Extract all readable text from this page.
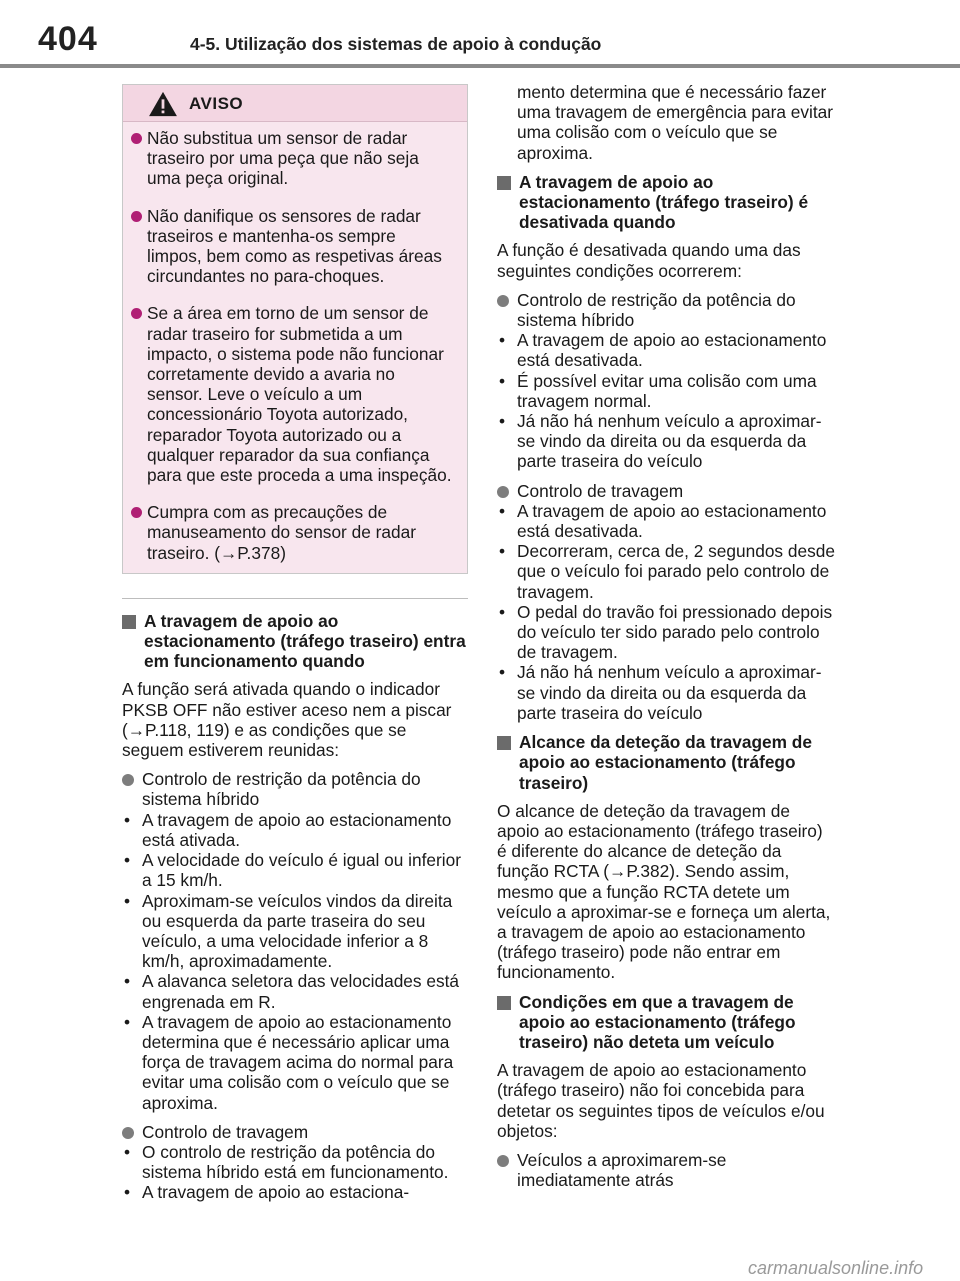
404	4-5. Utilização dos sistemas de apoio à condução
AVISO
Não substitua um sensor de radar traseiro por uma peça que não seja uma peça original.
Não danifique os sensores de radar traseiros e mantenha-os sempre limpos, bem como as respetivas áreas circundantes no para-choques.
Se a área em torno de um sensor de radar traseiro for submetida a um impacto, o sistema pode não funcionar corretamente devido a avaria no sensor. Leve o veículo a um concessionário Toyota autorizado, reparador Toyota autorizado ou a qualquer reparador da sua confiança para que este proceda a uma inspeção.
Cumpra com as precauções de manuseamento do sensor de radar traseiro. (→P.378)
A travagem de apoio ao estacionamento (tráfego traseiro) entra em funcionamento quando

A função será ativada quando o indicador PKSB OFF não estiver aceso nem a piscar (→P.118, 119) e as condições que se seguem estiverem reunidas:

Controlo de restrição da potência do sistema híbrido

• A travagem de apoio ao estacionamento está ativada.

• A velocidade do veículo é igual ou inferior a 15 km/h.

• Aproximam-se veículos vindos da direita ou esquerda da parte traseira do seu veículo, a uma velocidade inferior a 8 km/h, aproximadamente.

• A alavanca seletora das velocidades está engrenada em R.

• A travagem de apoio ao estacionamento determina que é necessário aplicar uma força de travagem acima do normal para evitar uma colisão com o veículo que se aproxima.

Controlo de travagem

• O controlo de restrição da potência do sistema híbrido está em funcionamento.

• A travagem de apoio ao estaciona-

mento determina que é necessário fazer uma travagem de emergência para evitar uma colisão com o veículo que se aproxima.

A travagem de apoio ao estacionamento (tráfego traseiro) é desativada quando

A função é desativada quando uma das seguintes condições ocorrerem:

Controlo de restrição da potência do sistema híbrido

• A travagem de apoio ao estacionamento está desativada.

• É possível evitar uma colisão com uma travagem normal.

• Já não há nenhum veículo a aproximar-se vindo da direita ou da esquerda da parte traseira do veículo

Controlo de travagem

• A travagem de apoio ao estacionamento está desativada.

• Decorreram, cerca de, 2 segundos desde que o veículo foi parado pelo controlo de travagem.

• O pedal do travão foi pressionado depois do veículo ter sido parado pelo controlo de travagem.

• Já não há nenhum veículo a aproximar-se vindo da direita ou da esquerda da parte traseira do veículo

Alcance da deteção da travagem de apoio ao estacionamento (tráfego traseiro)

O alcance de deteção da travagem de apoio ao estacionamento (tráfego traseiro) é diferente do alcance de deteção da função RCTA (→P.382). Sendo assim, mesmo que a função RCTA detete um veículo a aproximar-se e forneça um alerta, a travagem de apoio ao estacionamento (tráfego traseiro) pode não entrar em funcionamento.

Condições em que a travagem de apoio ao estacionamento (tráfego traseiro) não deteta um veículo

A travagem de apoio ao estacionamento (tráfego traseiro) não foi concebida para detetar os seguintes tipos de veículos e/ou objetos:

Veículos a aproximarem-se imediatamente atrás

carmanualsonline.info
